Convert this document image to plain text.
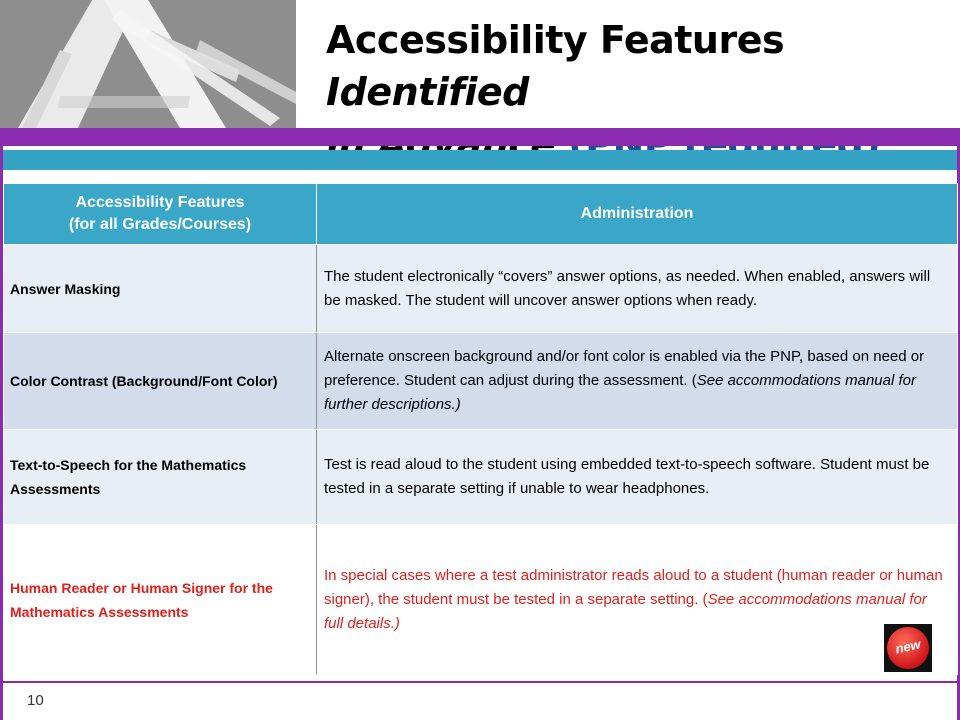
Accessibility Features Identified

Accessibility Features
(for all Grades/Courses)	Administration
Answer Masking	The student electronically “covers” answer options, as needed. When enabled, answers will be masked. The student will uncover answer options when ready.
Color Contrast (Background/Font Color)	Alternate onscreen background and/or font color is enabled via the PNP, based on need or preference. Student can adjust during the assessment. (See accommodations manual for further descriptions.)
Text-to-Speech for the Mathematics Assessments	Test is read aloud to the student using embedded text-to-speech software. Student must be tested in a separate setting if unable to wear headphones.
Human Reader or Human Signer for the Mathematics Assessments	In special cases where a test administrator reads aloud to a student (human reader or human signer), the student must be tested in a separate setting. (See accommodations manual for full details.)
new
10
